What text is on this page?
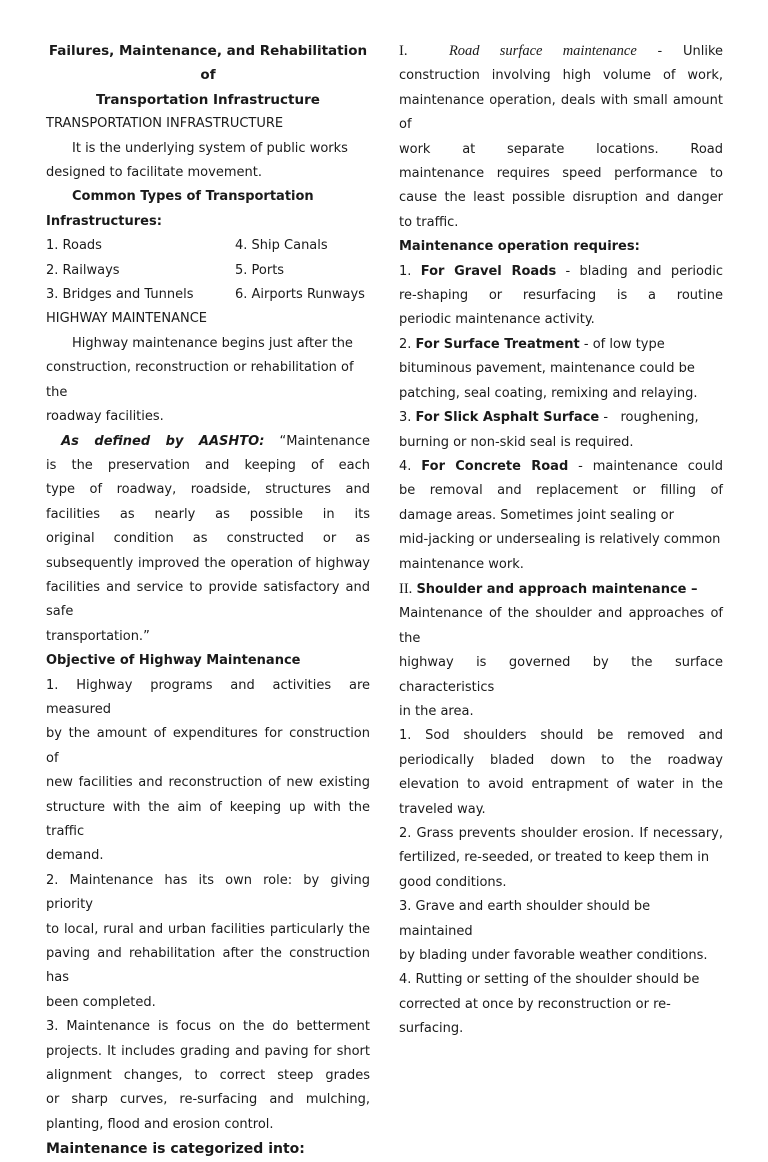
Failures, Maintenance, and Rehabilitation of

Transportation Infrastructure

TRANSPORTATION INFRASTRUCTURE

It is the underlying system of public works

designed to facilitate movement.

Common Types of Transportation

Infrastructures:

1. Roads	4. Ship Canals
2. Railways	5. Ports
3. Bridges and Tunnels	6. Airports Runways

HIGHWAY MAINTENANCE

Highway maintenance begins just after the

construction, reconstruction or rehabilitation of the

roadway facilities.

As defined by AASHTO: “Maintenance

is the preservation and keeping of each

type of roadway, roadside, structures and

facilities as nearly as possible in its

original condition as constructed or as

subsequently improved the operation of highway

facilities and service to provide satisfactory and safe

transportation.”

Objective of Highway Maintenance

1. Highway programs and activities are measured

by the amount of expenditures for construction of

new facilities and reconstruction of new existing

structure with the aim of keeping up with the traffic

demand.

2. Maintenance has its own role: by giving priority

to local, rural and urban facilities particularly the

paving and rehabilitation after the construction has

been completed.

3. Maintenance is focus on the do betterment

projects. It includes grading and paving for short

alignment changes, to correct steep grades

or sharp curves, re-surfacing and mulching,

planting, flood and erosion control.

Maintenance is categorized into:

I.	Road surface maintenance - Unlike

construction involving high volume of work,

maintenance operation, deals with small amount of

work at separate locations. Road

maintenance requires speed performance to

cause the least possible disruption and danger

to traffic.

Maintenance operation requires:

1. For Gravel Roads - blading and periodic

re-shaping or resurfacing is a routine

periodic maintenance activity.

2. For Surface Treatment - of low type

bituminous pavement, maintenance could be

patching, seal coating, remixing and relaying.

3. For Slick Asphalt Surface -   roughening,

burning or non-skid seal is required.

4. For Concrete Road - maintenance could

be removal and replacement or filling of

damage areas. Sometimes joint sealing or

mid-jacking or undersealing is relatively common

maintenance work.

II. Shoulder and approach maintenance –

Maintenance of the shoulder and approaches of the

highway is governed by the surface characteristics

in the area.

1. Sod shoulders should be removed and

periodically bladed down to the roadway

elevation to avoid entrapment of water in the

traveled way.

2. Grass prevents shoulder erosion. If necessary,

fertilized, re-seeded, or treated to keep them in

good conditions.

3. Grave and earth shoulder should be maintained

by blading under favorable weather conditions.

4. Rutting or setting of the shoulder should be

corrected at once by reconstruction or re-surfacing.
